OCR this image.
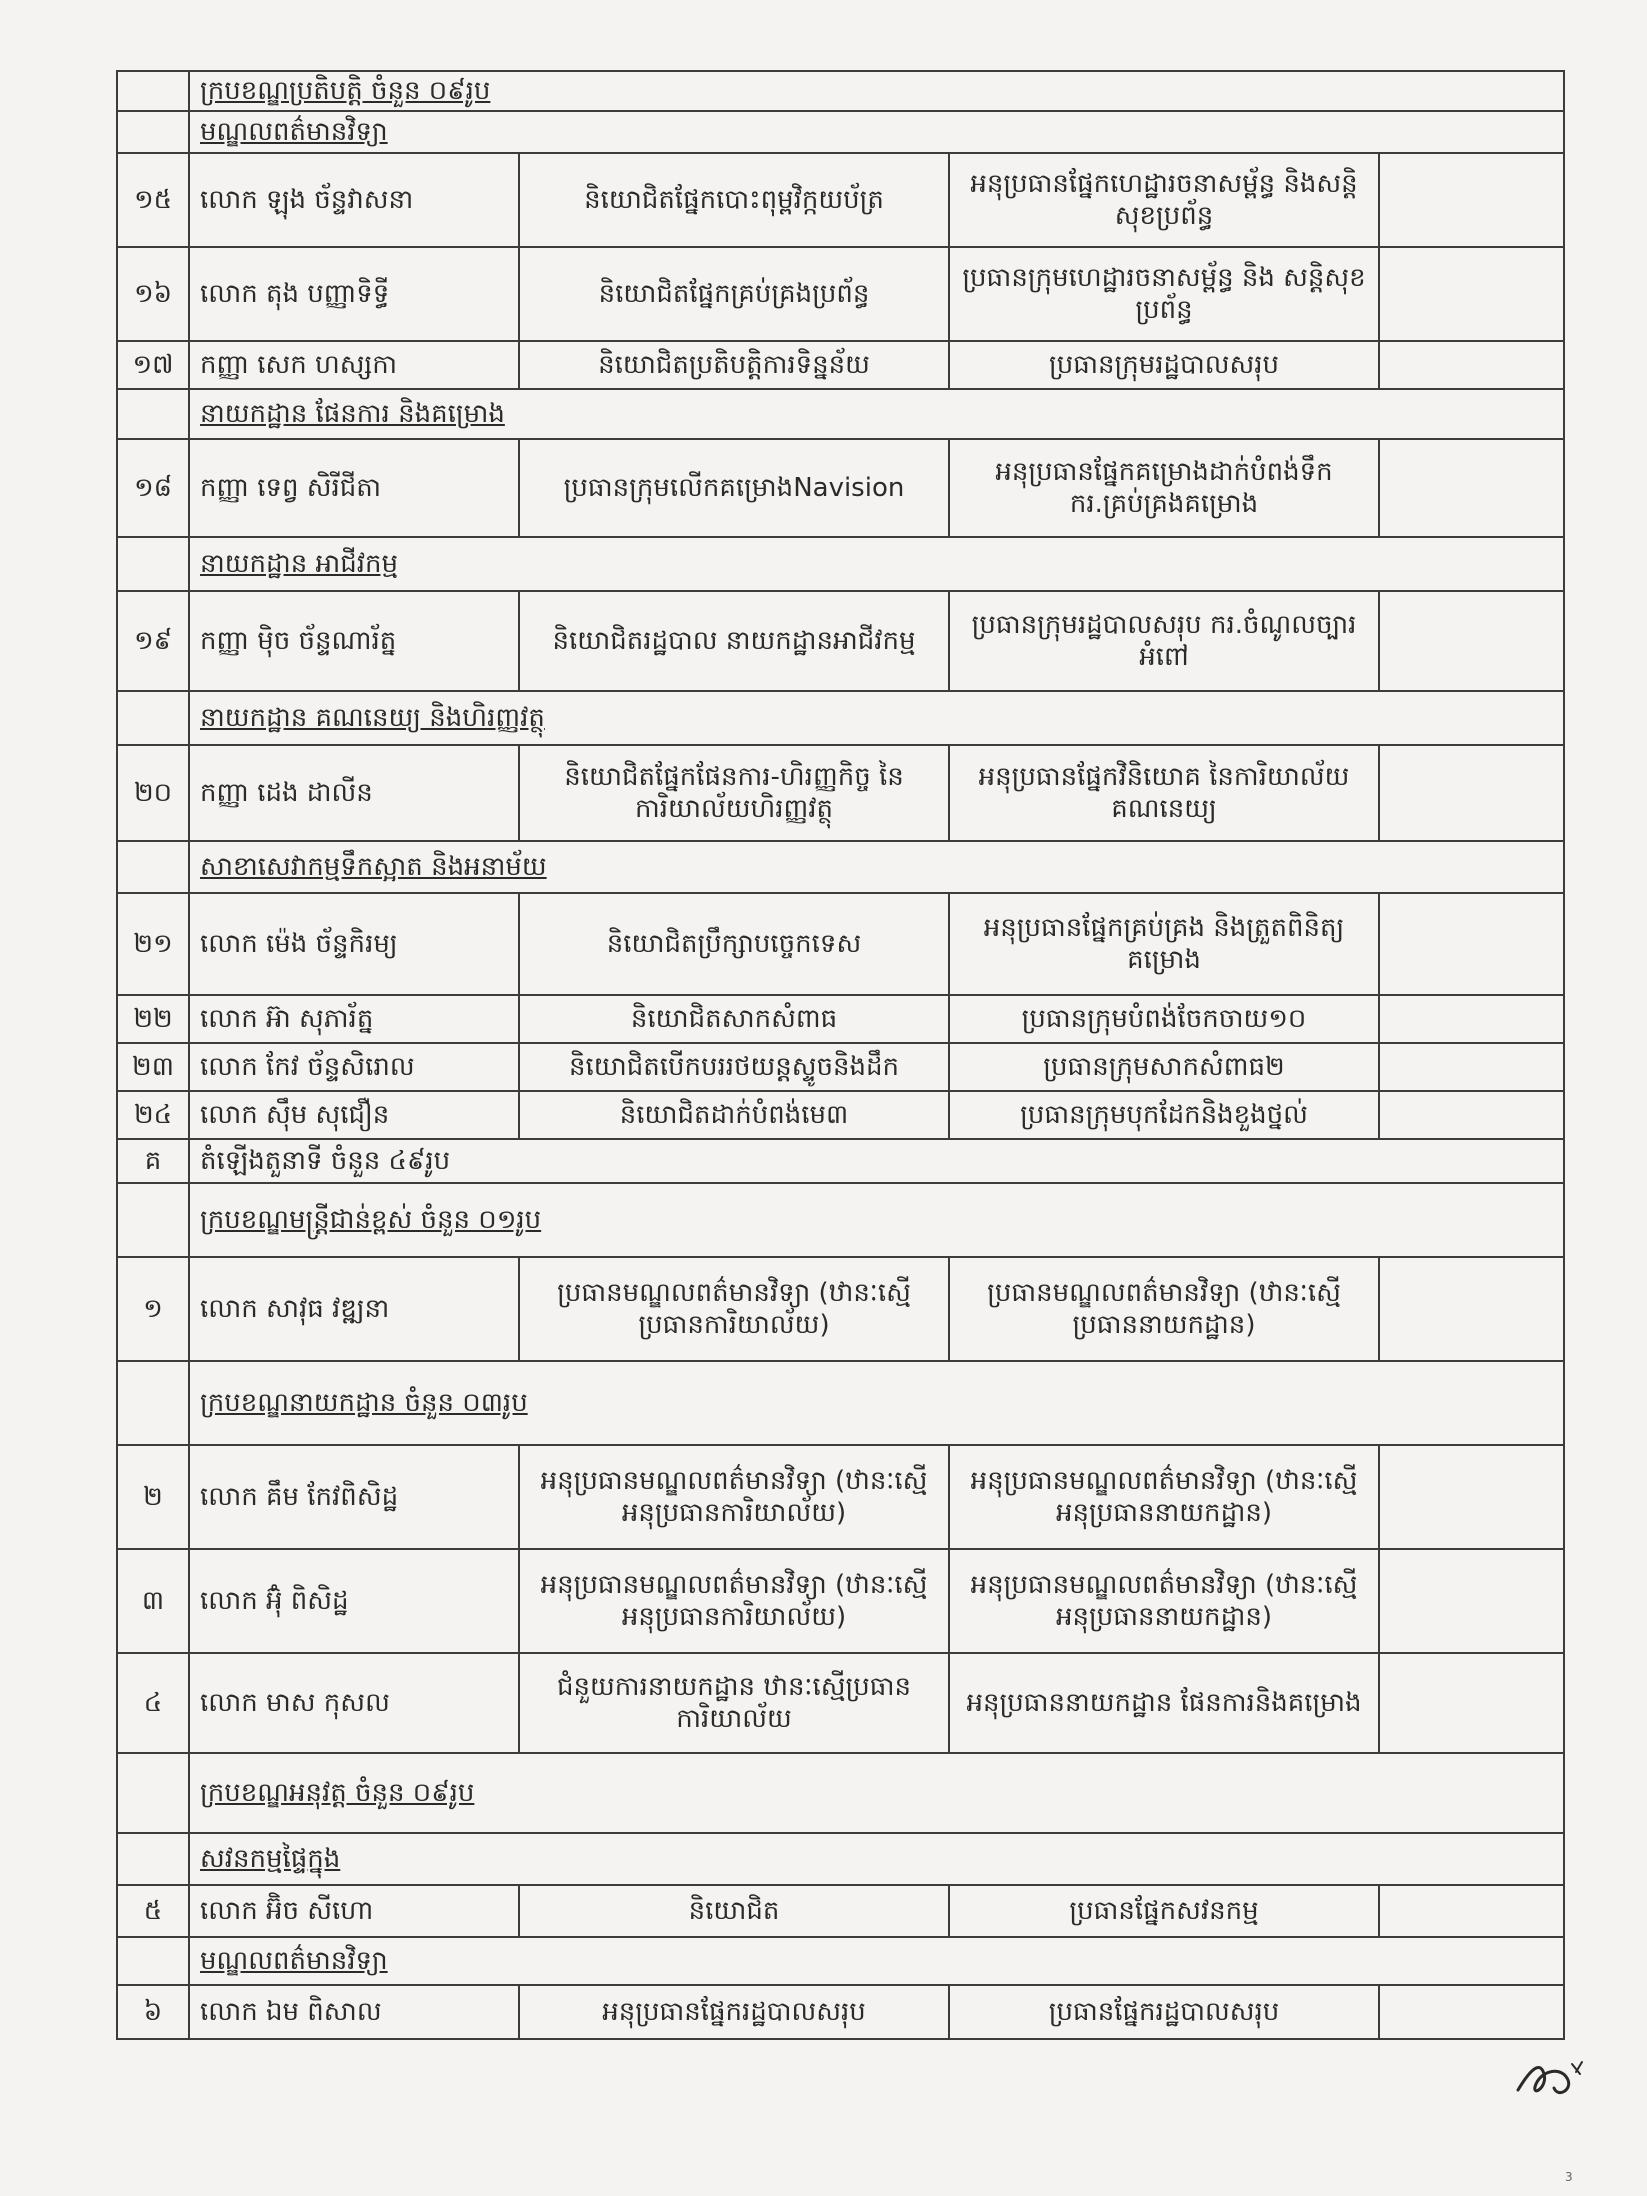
	ក្របខណ្ឌប្រតិបត្តិ ចំនួន ០៩រូប			
	មណ្ឌលពត៌មានវិទ្យា			
១៥	លោក ឡុង ច័ន្ទវាសនា	និយោជិតផ្នែកបោះពុម្ពវិក្កយប័ត្រ	អនុប្រធានផ្នែកហេដ្ឋារចនាសម្ព័ន្ធ និងសន្តិសុខប្រព័ន្ធ	
១៦	លោក តុង បញ្ញាទិទ្ធី	និយោជិតផ្នែកគ្រប់គ្រងប្រព័ន្ធ	ប្រធានក្រុមហេដ្ឋារចនាសម្ព័ន្ធ និង សន្តិសុខប្រព័ន្ធ	
១៧	កញ្ញា សេក ហស្សកា	និយោជិតប្រតិបត្តិការទិន្នន័យ	ប្រធានក្រុមរដ្ឋបាលសរុប	
	នាយកដ្ឋាន ផែនការ និងគម្រោង			
១៨	កញ្ញា ទេព្វ សិរីជីតា	ប្រធានក្រុមលើកគម្រោងNavision	អនុប្រធានផ្នែកគម្រោងដាក់បំពង់ទឹក ករ.គ្រប់គ្រងគម្រោង	
	នាយកដ្ឋាន អាជីវកម្ម			
១៩	កញ្ញា ម៉ិច ច័ន្ទណារ័ត្ន	និយោជិតរដ្ឋបាល នាយកដ្ឋានអាជីវកម្ម	ប្រធានក្រុមរដ្ឋបាលសរុប ករ.ចំណូលច្បារអំពៅ	
	នាយកដ្ឋាន គណនេយ្យ និងហិរញ្ញវត្ថុ			
២០	កញ្ញា ដេង ដាលីន	និយោជិតផ្នែកផែនការ-ហិរញ្ញកិច្ច នៃការិយាល័យហិរញ្ញវត្ថុ	អនុប្រធានផ្នែកវិនិយោគ នៃការិយាល័យគណនេយ្យ	
	សាខាសេវាកម្មទឹកស្អាត និងអនាម័យ			
២១	លោក ម៉េង ច័ន្ទកិរម្យ	និយោជិតប្រឹក្សាបច្ចេកទេស	អនុប្រធានផ្នែកគ្រប់គ្រង និងត្រួតពិនិត្យគម្រោង	
២២	លោក អ៊ា សុភារ័ត្ន	និយោជិតសាកសំពាធ	ប្រធានក្រុមបំពង់ចែកចាយ១០	
២៣	លោក កែវ ច័ន្ទសិរោល	និយោជិតបើកបររថយន្តស្ទូចនិងដឹក	ប្រធានក្រុមសាកសំពាធ២	
២៤	លោក ស៊ឹម សុជឿន	និយោជិតដាក់បំពង់មេ៣	ប្រធានក្រុមបុកដែកនិងខួងថ្នល់	
គ	តំឡើងតួនាទី ចំនួន ៤៩រូប			
	ក្របខណ្ឌមន្ត្រីជាន់ខ្ពស់ ចំនួន ០១រូប			
១	លោក សាវុធ វឌ្ឍនា	ប្រធានមណ្ឌលពត៌មានវិទ្យា (ឋានៈស្មើប្រធានការិយាល័យ)	ប្រធានមណ្ឌលពត៌មានវិទ្យា (ឋានៈស្មើប្រធាននាយកដ្ឋាន)	
	ក្របខណ្ឌនាយកដ្ឋាន ចំនួន ០៣រូប			
២	លោក គឹម កែវពិសិដ្ឋ	អនុប្រធានមណ្ឌលពត៌មានវិទ្យា (ឋានៈស្មើអនុប្រធានការិយាល័យ)	អនុប្រធានមណ្ឌលពត៌មានវិទ្យា (ឋានៈស្មើអនុប្រធាននាយកដ្ឋាន)	
៣	លោក អ៊ុំ ពិសិដ្ឋ	អនុប្រធានមណ្ឌលពត៌មានវិទ្យា (ឋានៈស្មើអនុប្រធានការិយាល័យ)	អនុប្រធានមណ្ឌលពត៌មានវិទ្យា (ឋានៈស្មើអនុប្រធាននាយកដ្ឋាន)	
៤	លោក មាស កុសល	ជំនួយការនាយកដ្ឋាន ឋានៈស្មើប្រធានការិយាល័យ	អនុប្រធាននាយកដ្ឋាន ផែនការនិងគម្រោង	
	ក្របខណ្ឌអនុវត្ត ចំនួន ០៩រូប			
	សវនកម្មផ្ទៃក្នុង			
៥	លោក អ៊ិច សីហោ	និយោជិត	ប្រធានផ្នែកសវនកម្ម	
	មណ្ឌលពត៌មានវិទ្យា			
៦	លោក ឯម ពិសាល	អនុប្រធានផ្នែករដ្ឋបាលសរុប	ប្រធានផ្នែករដ្ឋបាលសរុប	
3
